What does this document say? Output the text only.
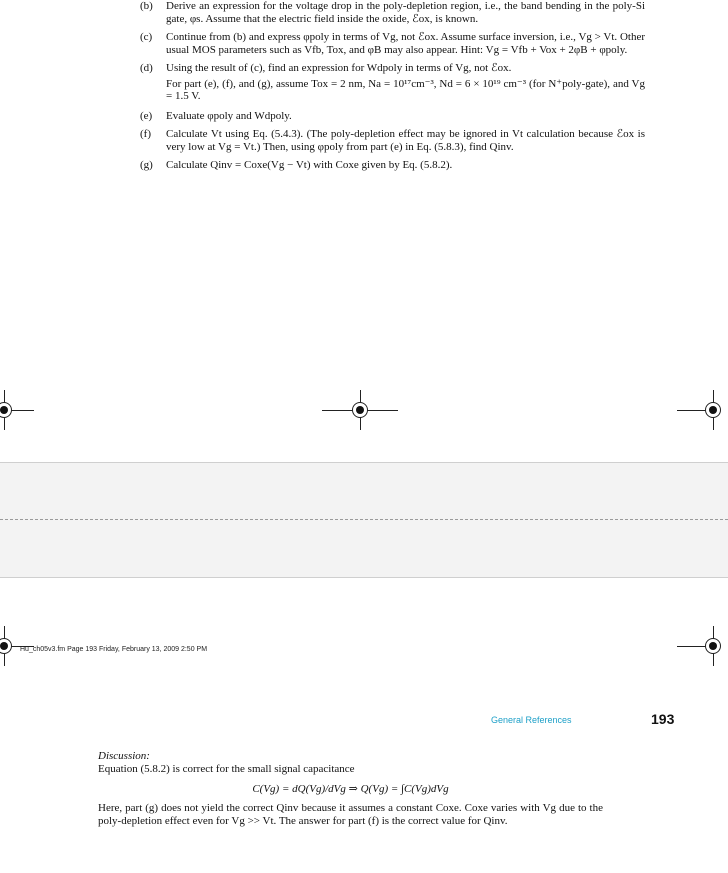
(b)	Derive an expression for the voltage drop in the poly-depletion region, i.e., the band bending in the poly-Si gate, φs. Assume that the electric field inside the oxide, ℰox, is known.
(c)	Continue from (b) and express φpoly in terms of Vg, not ℰox. Assume surface inversion, i.e., Vg > Vt. Other usual MOS parameters such as Vfb, Tox, and φB may also appear. Hint: Vg = Vfb + Vox + 2φB + φpoly.
(d)	Using the result of (c), find an expression for Wdpoly in terms of Vg, not ℰox.

For part (e), (f), and (g), assume Tox = 2 nm, Na = 10¹⁷cm⁻³, Nd = 6 × 10¹⁹ cm⁻³ (for N⁺poly-gate), and Vg = 1.5 V.

(e)	Evaluate φpoly and Wdpoly.
(f)	Calculate Vt using Eq. (5.4.3). (The poly-depletion effect may be ignored in Vt calculation because ℰox is very low at Vg = Vt.) Then, using φpoly from part (e) in Eq. (5.8.3), find Qinv.
(g)	Calculate Qinv = Coxe(Vg − Vt) with Coxe given by Eq. (5.8.2).
Hu_ch05v3.fm Page 193 Friday, February 13, 2009 2:50 PM
General References	193
Discussion:
Equation (5.8.2) is correct for the small signal capacitance
C(Vg) = dQ(Vg)/dVg ⇒ Q(Vg) = ∫C(Vg)dVg
Here, part (g) does not yield the correct Qinv because it assumes a constant Coxe. Coxe varies with Vg due to the poly-depletion effect even for Vg >> Vt. The answer for part (f) is the correct value for Qinv.
